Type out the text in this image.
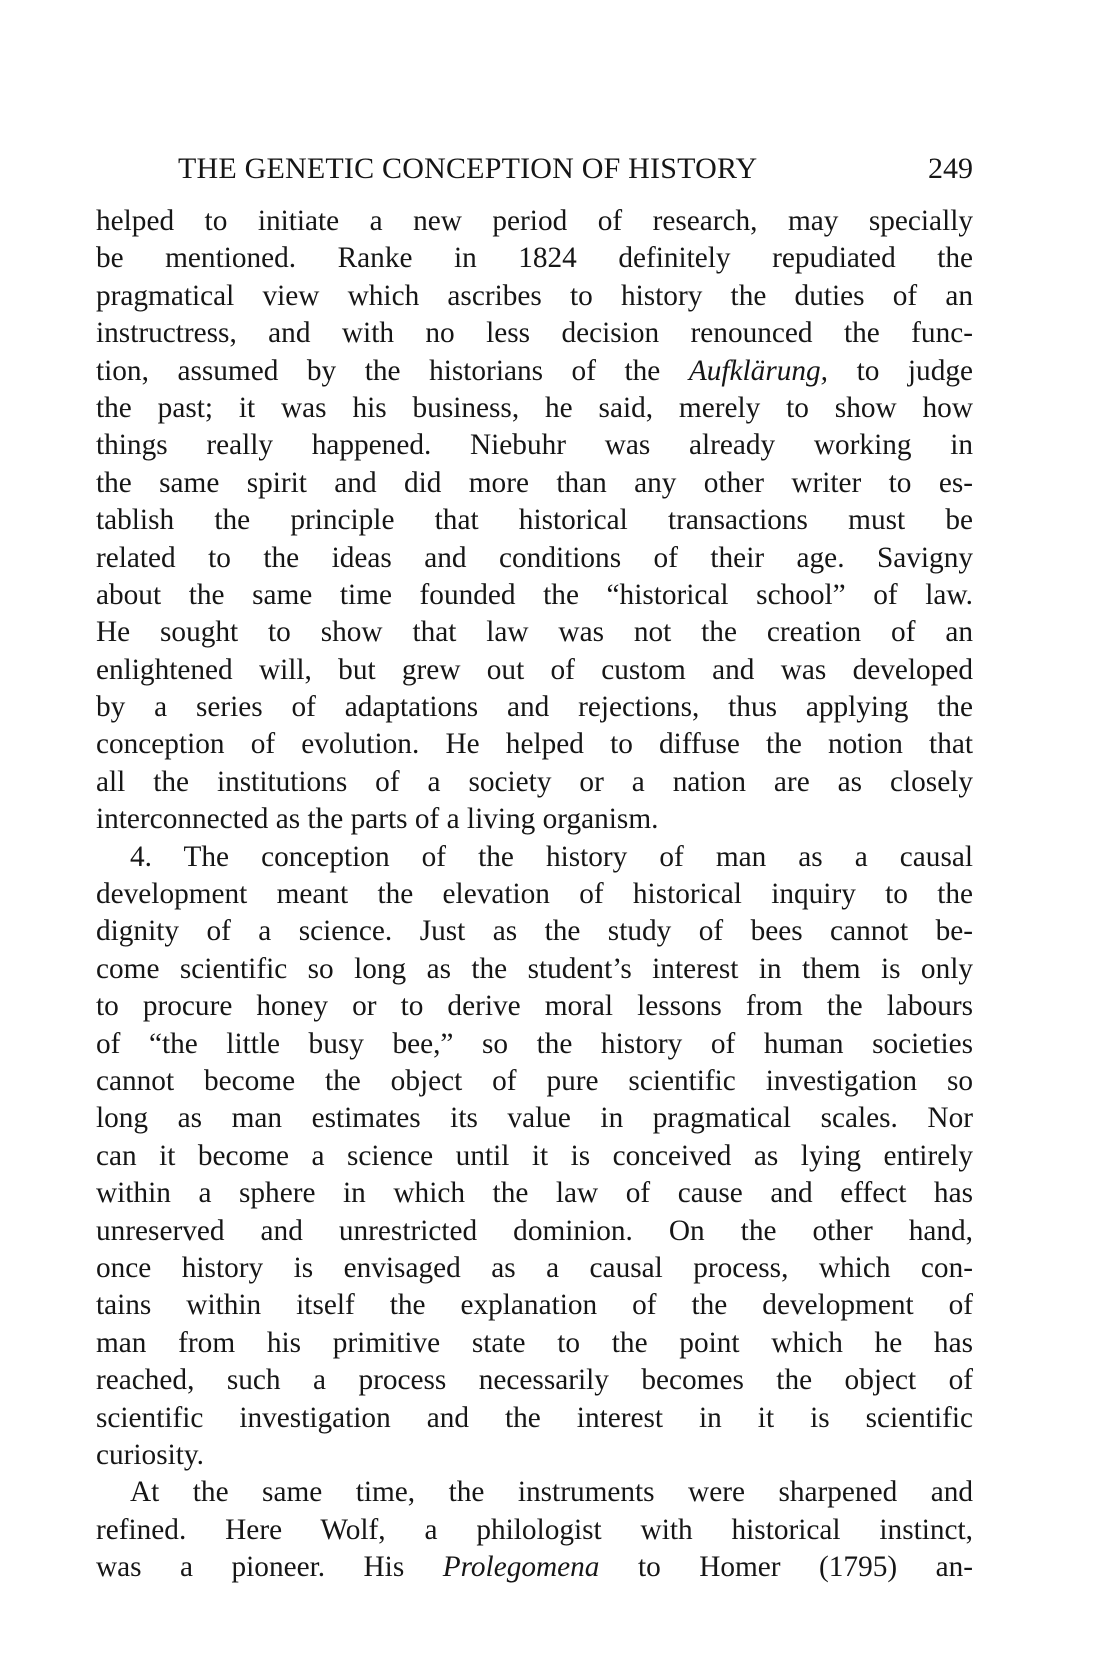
THE GENETIC CONCEPTION OF HISTORY	249
helped to initiate a new period of research, may specially
be mentioned. Ranke in 1824 definitely repudiated the
pragmatical view which ascribes to history the duties of an
instructress, and with no less decision renounced the func-
tion, assumed by the historians of the Aufklärung, to judge
the past; it was his business, he said, merely to show how
things really happened. Niebuhr was already working in
the same spirit and did more than any other writer to es-
tablish the principle that historical transactions must be
related to the ideas and conditions of their age. Savigny
about the same time founded the “historical school” of law.
He sought to show that law was not the creation of an
enlightened will, but grew out of custom and was developed
by a series of adaptations and rejections, thus applying the
conception of evolution. He helped to diffuse the notion that
all the institutions of a society or a nation are as closely
interconnected as the parts of a living organism.
4. The conception of the history of man as a causal
development meant the elevation of historical inquiry to the
dignity of a science. Just as the study of bees cannot be-
come scientific so long as the student’s interest in them is only
to procure honey or to derive moral lessons from the labours
of “the little busy bee,” so the history of human societies
cannot become the object of pure scientific investigation so
long as man estimates its value in pragmatical scales. Nor
can it become a science until it is conceived as lying entirely
within a sphere in which the law of cause and effect has
unreserved and unrestricted dominion. On the other hand,
once history is envisaged as a causal process, which con-
tains within itself the explanation of the development of
man from his primitive state to the point which he has
reached, such a process necessarily becomes the object of
scientific investigation and the interest in it is scientific
curiosity.
At the same time, the instruments were sharpened and
refined. Here Wolf, a philologist with historical instinct,
was a pioneer. His Prolegomena to Homer (1795) an-
